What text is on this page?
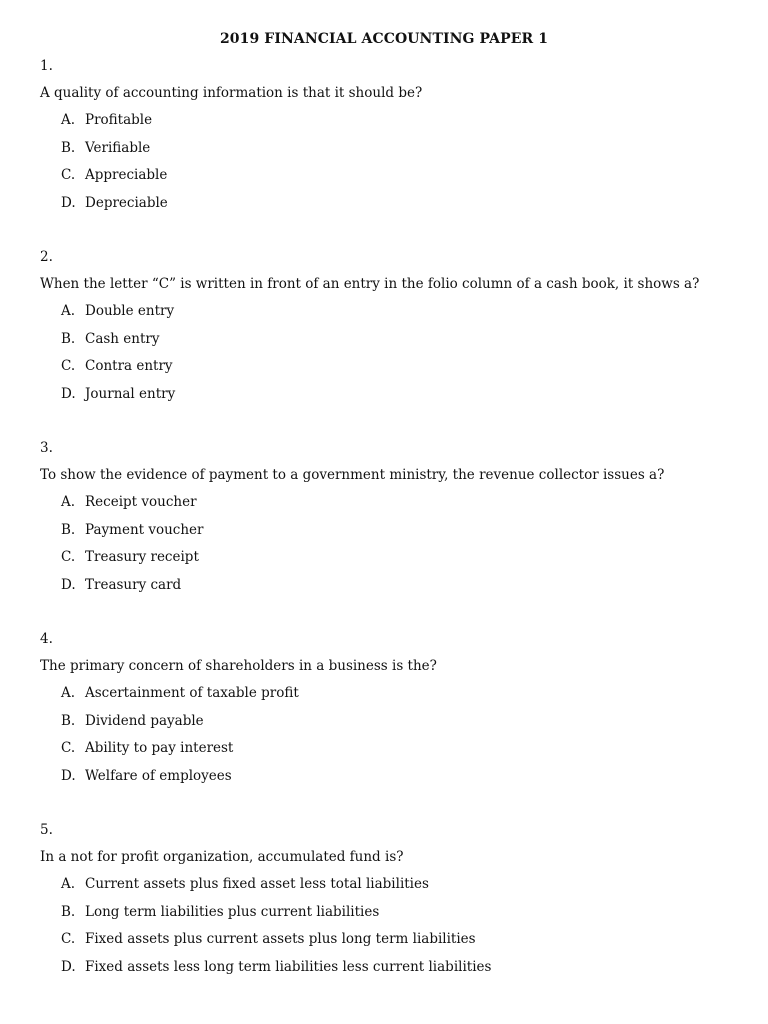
2019 FINANCIAL ACCOUNTING PAPER 1
1.
A quality of accounting information is that it should be?
A. Profitable
B. Verifiable
C. Appreciable
D. Depreciable
2.
When the letter “C” is written in front of an entry in the folio column of a cash book, it shows a?
A. Double entry
B. Cash entry
C. Contra entry
D. Journal entry
3.
To show the evidence of payment to a government ministry, the revenue collector issues a?
A. Receipt voucher
B. Payment voucher
C. Treasury receipt
D. Treasury card
4.
The primary concern of shareholders in a business is the?
A. Ascertainment of taxable profit
B. Dividend payable
C. Ability to pay interest
D. Welfare of employees
5.
In a not for profit organization, accumulated fund is?
A. Current assets plus fixed asset less total liabilities
B. Long term liabilities plus current liabilities
C. Fixed assets plus current assets plus long term liabilities
D. Fixed assets less long term liabilities less current liabilities
